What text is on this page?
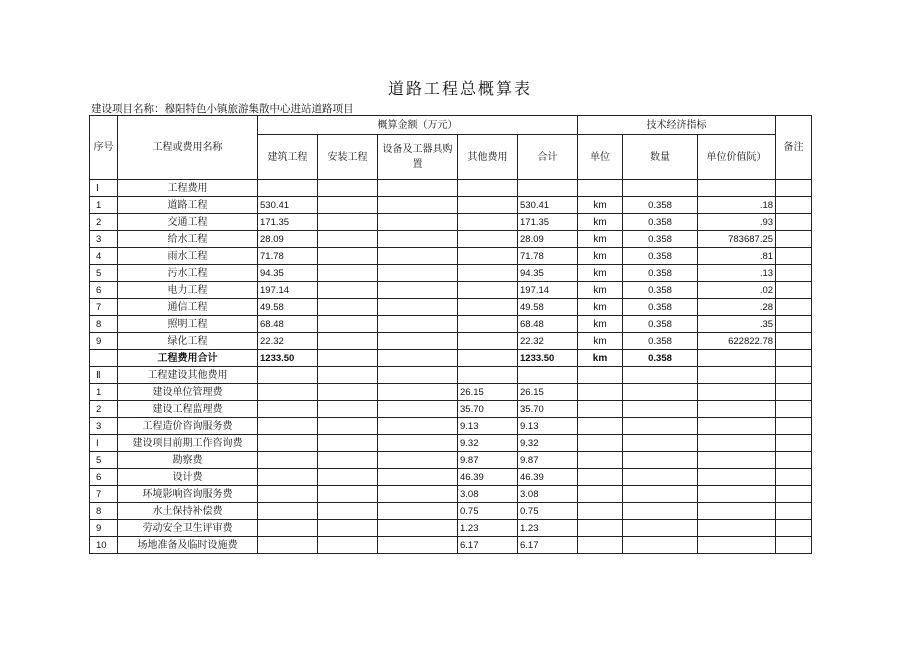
道路工程总概算表
建设项目名称：穆阳特色小镇旅游集散中心进站道路项目
序号	工程或费用名称	概算金额（万元）					技术经济指标			备注
		建筑工程	安装工程	设备及工器具购置	其他费用	合计	单位	数量	单位价值阮）	
Ⅰ	工程费用									
1	道路工程	530.41				530.41	km	0.358	.18	
2	交通工程	171.35				171.35	km	0.358	.93	
3	给水工程	28.09				28.09	km	0.358	783687.25	
4	雨水工程	71.78				71.78	km	0.358	.81	
5	污水工程	94.35				94.35	km	0.358	.13	
6	电力工程	197.14				197.14	km	0.358	.02	
7	通信工程	49.58				49.58	km	0.358	.28	
8	照明工程	68.48				68.48	km	0.358	.35	
9	绿化工程	22.32				22.32	km	0.358	622822.78	
	工程费用合计	1233.50				1233.50	km	0.358		
Ⅱ	工程建设其他费用									
1	建设单位管理费				26.15	26.15				
2	建设工程监理费				35.70	35.70				
3	工程造价咨询服务费				9.13	9.13				
I	建设项目前期工作咨询费				9.32	9.32				
5	勘察费				9.87	9.87				
6	设计费				46.39	46.39				
7	环境影响咨询服务费				3.08	3.08				
8	水土保持补偿费				0.75	0.75				
9	劳动安全卫生评审费				1.23	1.23				
10	场地准备及临时设施费				6.17	6.17				
